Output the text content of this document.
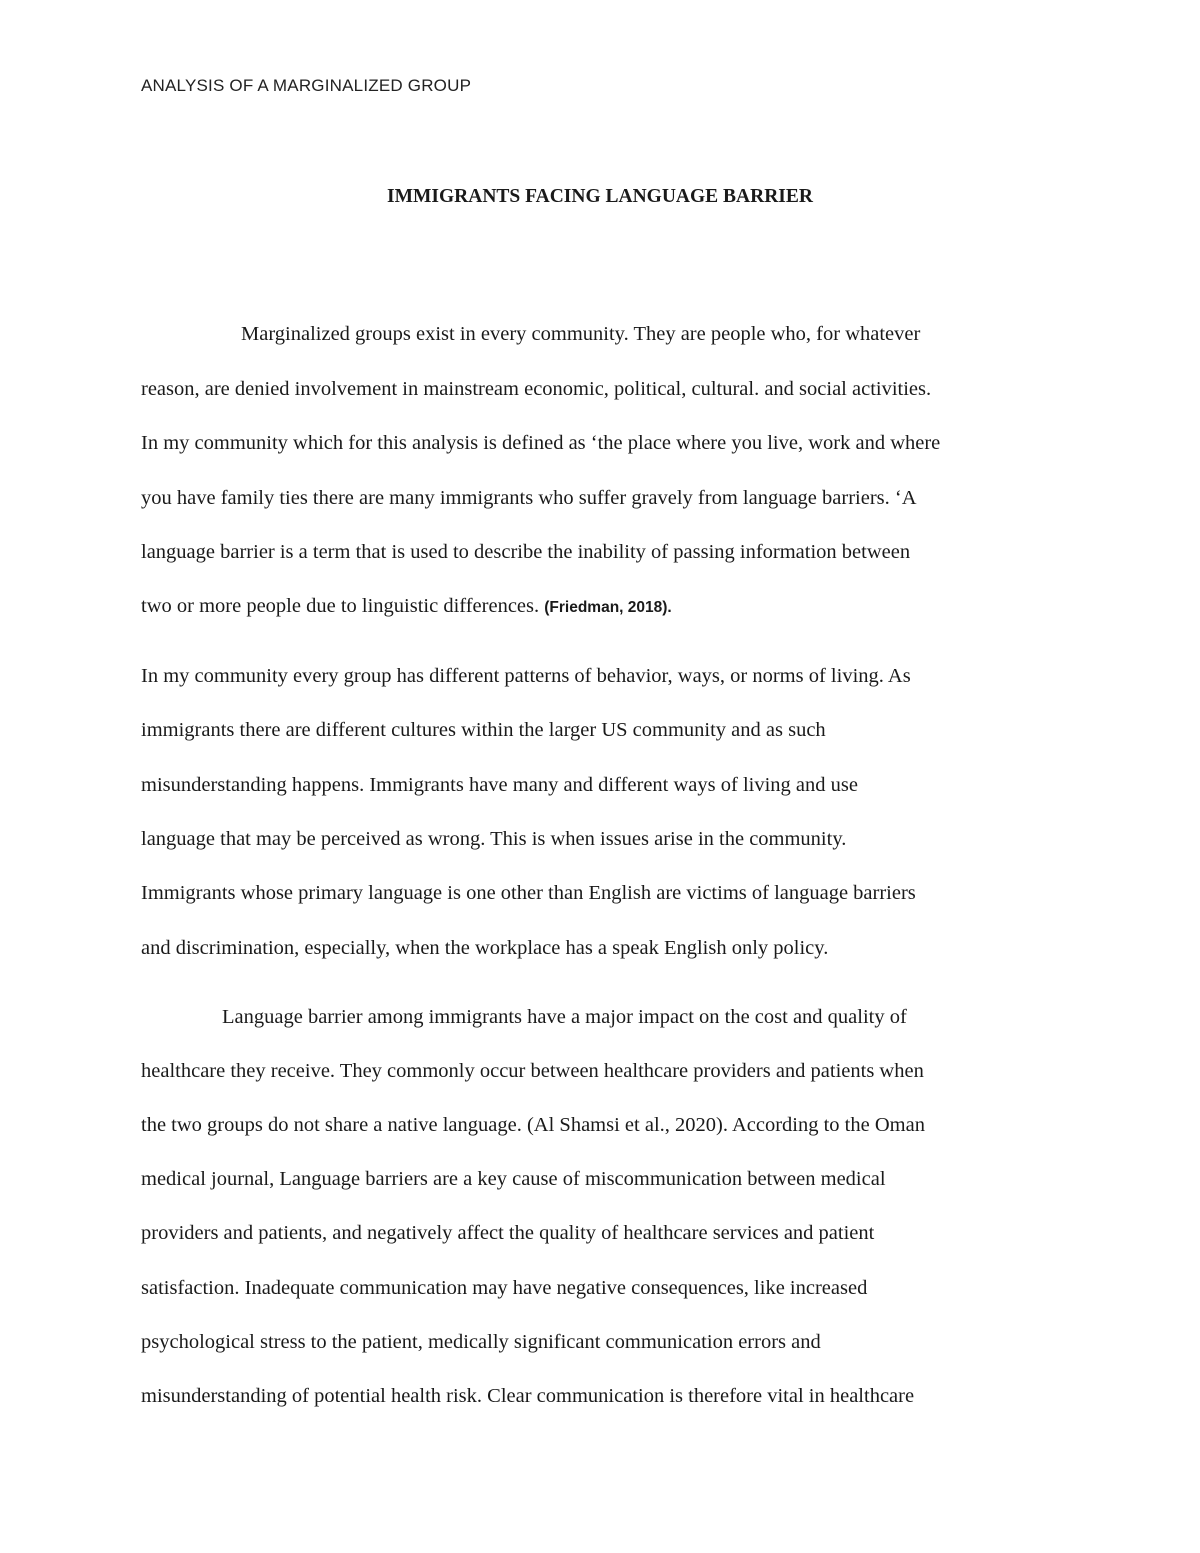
ANALYSIS OF A MARGINALIZED GROUP
IMMIGRANTS FACING LANGUAGE BARRIER
Marginalized groups exist in every community. They are people who, for whatever
reason, are denied involvement in mainstream economic, political, cultural. and social activities.
In my community which for this analysis is defined as ‘the place where you live, work and where
you have family ties there are many immigrants who suffer gravely from language barriers. ‘A
language barrier is a term that is used to describe the inability of passing information between
two or more people due to linguistic differences. (Friedman, 2018).
In my community every group has different patterns of behavior, ways, or norms of living. As
immigrants there are different cultures within the larger US community and as such
misunderstanding happens. Immigrants have many and different ways of living and use
language that may be perceived as wrong. This is when issues arise in the community.
Immigrants whose primary language is one other than English are victims of language barriers
and discrimination, especially, when the workplace has a speak English only policy.
Language barrier among immigrants have a major impact on the cost and quality of
healthcare they receive. They commonly occur between healthcare providers and patients when
the two groups do not share a native language. (Al Shamsi et al., 2020). According to the Oman
medical journal, Language barriers are a key cause of miscommunication between medical
providers and patients, and negatively affect the quality of healthcare services and patient
satisfaction. Inadequate communication may have negative consequences, like increased
psychological stress to the patient, medically significant communication errors and
misunderstanding of potential health risk. Clear communication is therefore vital in healthcare
